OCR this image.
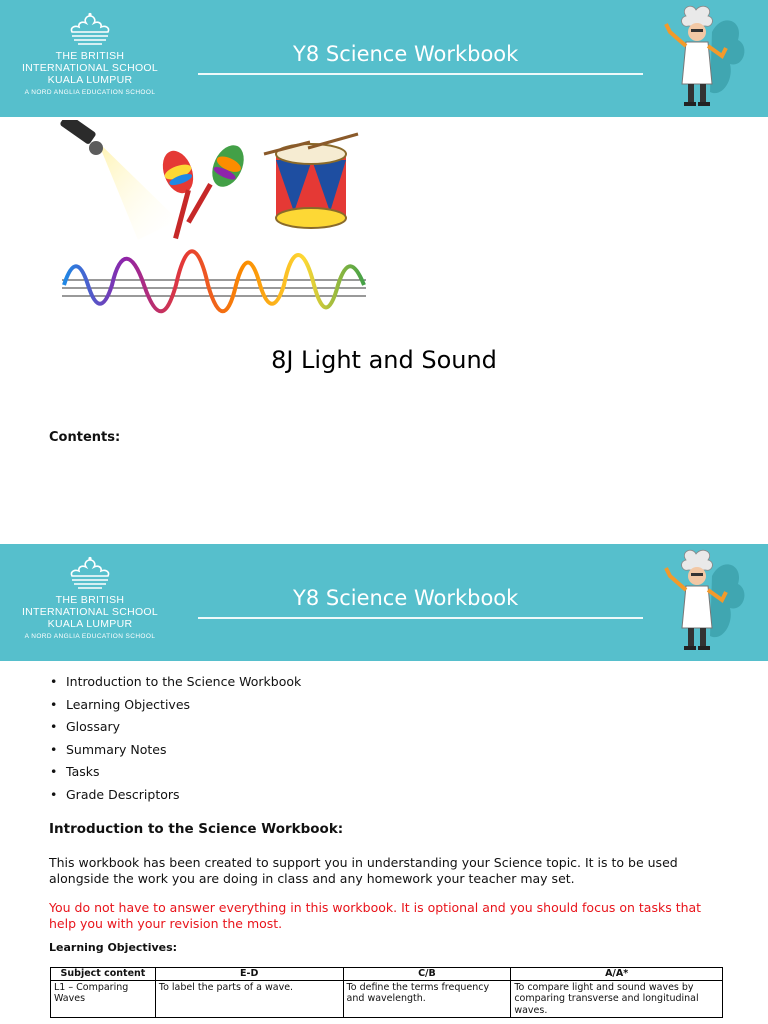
THE BRITISH
INTERNATIONAL SCHOOL
KUALA LUMPUR
A NORD ANGLIA EDUCATION SCHOOL
Y8 Science Workbook
8J Light and Sound
Contents:
THE BRITISH
INTERNATIONAL SCHOOL
KUALA LUMPUR
A NORD ANGLIA EDUCATION SCHOOL
Y8 Science Workbook
• Introduction to the Science Workbook
• Learning Objectives
• Glossary
• Summary Notes
• Tasks
• Grade Descriptors
Introduction to the Science Workbook:
This workbook has been created to support you in understanding your Science topic. It is to be used alongside the work you are doing in class and any homework your teacher may set.
You do not have to answer everything in this workbook. It is optional and you should focus on tasks that help you with your revision the most.
Learning Objectives:
Subject content	E-D	C/B	A/A*
L1 – Comparing Waves	To label the parts of a wave.	To define the terms frequency and wavelength.	To compare light and sound waves by comparing transverse and longitudinal waves.
